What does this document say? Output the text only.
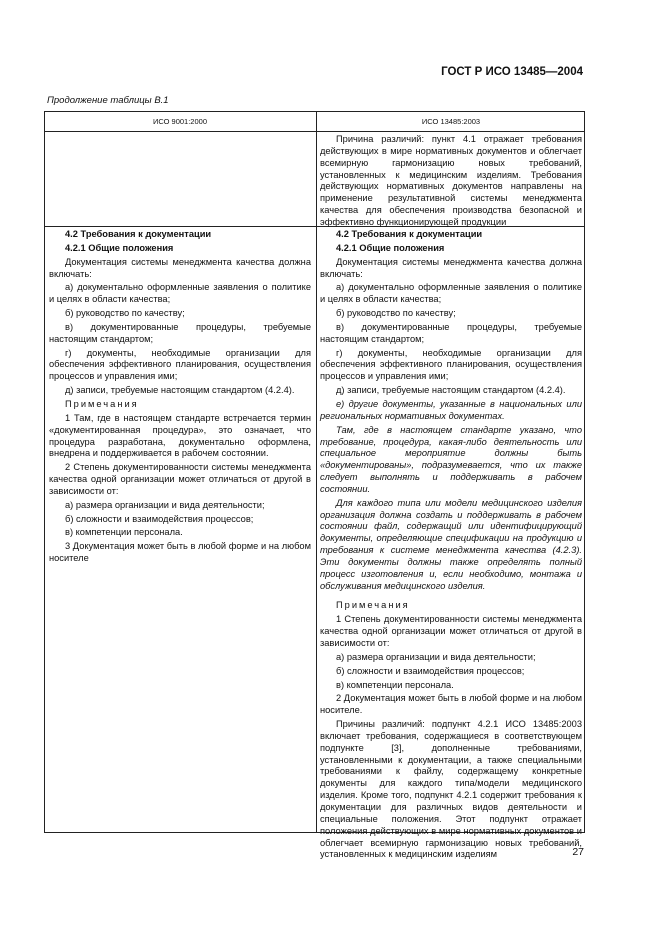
ГОСТ Р ИСО 13485—2004
Продолжение таблицы В.1
ИСО 9001:2000	ИСО 13485:2003

Причина различий: пункт 4.1 отражает требования действующих в мире нормативных документов и облегчает всемирную гармонизацию новых требований, установленных к медицинским изделиям. Требования действующих нормативных документов направлены на применение результативной системы менеджмента качества для обеспечения производства безопасной и эффективно функционирующей продукции

4.2 Требования к документации

4.2.1 Общие положения

Документация системы менеджмента качества должна включать:

а) документально оформленные заявления о политике и целях в области качества;

б) руководство по качеству;

в) документированные процедуры, требуемые настоящим стандартом;

г) документы, необходимые организации для обеспечения эффективного планирования, осуществления процессов и управления ими;

д) записи, требуемые настоящим стандартом (4.2.4).

Примечания

1 Там, где в настоящем стандарте встречается термин «документированная процедура», это означает, что процедура разработана, документально оформлена, внедрена и поддерживается в рабочем состоянии.

2 Степень документированности системы менеджмента качества одной организации может отличаться от другой в зависимости от:

а) размера организации и вида деятельности;

б) сложности и взаимодействия процессов;

в) компетенции персонала.

3 Документация может быть в любой форме и на любом носителе

4.2 Требования к документации

4.2.1 Общие положения

Документация системы менеджмента качества должна включать:

а) документально оформленные заявления о политике и целях в области качества;

б) руководство по качеству;

в) документированные процедуры, требуемые настоящим стандартом;

г) документы, необходимые организации для обеспечения эффективного планирования, осуществления процессов и управления ими;

д) записи, требуемые настоящим стандартом (4.2.4).

е) другие документы, указанные в национальных или региональных нормативных документах.

Там, где в настоящем стандарте указано, что требование, процедура, какая-либо деятельность или специальное мероприятие должны быть «документированы», подразумевается, что их также следует выполнять и поддерживать в рабочем состоянии.

Для каждого типа или модели медицинского изделия организация должна создать и поддерживать в рабочем состоянии файл, содержащий или идентифицирующий документы, определяющие спецификации на продукцию и требования к системе менеджмента качества (4.2.3). Эти документы должны также определять полный процесс изготовления и, если необходимо, монтажа и обслуживания медицинского изделия.

Примечания

1 Степень документированности системы менеджмента качества одной организации может отличаться от другой в зависимости от:

а) размера организации и вида деятельности;

б) сложности и взаимодействия процессов;

в) компетенции персонала.

2 Документация может быть в любой форме и на любом носителе.

Причины различий: подпункт 4.2.1 ИСО 13485:2003 включает требования, содержащиеся в соответствующем подпункте [3], дополненные требованиями, установленными к документации, а также специальными требованиями к файлу, содержащему конкретные документы для каждого типа/модели медицинского изделия. Кроме того, подпункт 4.2.1 содержит требования к документации для различных видов деятельности и специальные положения. Этот подпункт отражает положения действующих в мире нормативных документов и облегчает всемирную гармонизацию новых требований, установленных к медицинским изделиям	27
